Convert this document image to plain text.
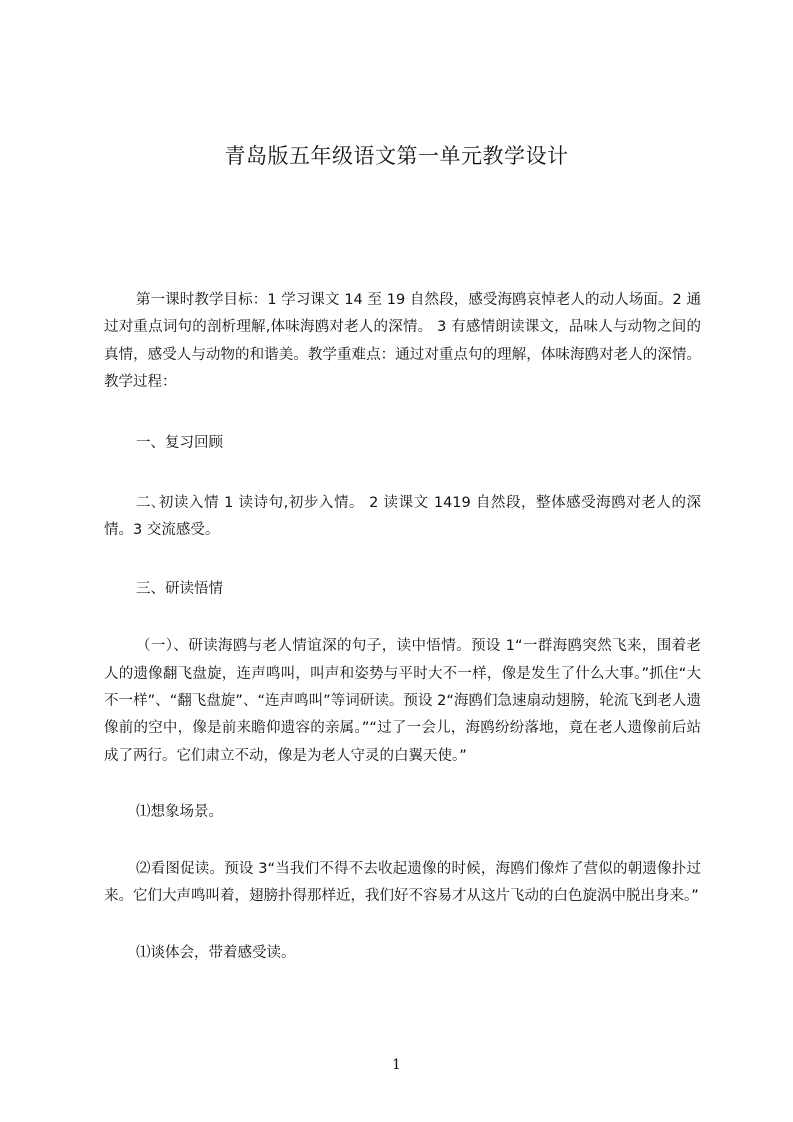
青岛版五年级语文第一单元教学设计

第一课时教学目标：1 学习课文 14 至 19 自然段，感受海鸥哀悼老人的动人场面。2 通过对重点词句的剖析理解,体味海鸥对老人的深情。 3 有感情朗读课文，品味人与动物之间的真情，感受人与动物的和谐美。教学重难点：通过对重点句的理解，体味海鸥对老人的深情。教学过程：

一、复习回顾

二､初读入情 1 读诗句,初步入情。 2 读课文 1419 自然段，整体感受海鸥对老人的深情。3 交流感受。

三、研读悟情

（一）、研读海鸥与老人情谊深的句子，读中悟情。预设 1“一群海鸥突然飞来，围着老人的遗像翻飞盘旋，连声鸣叫，叫声和姿势与平时大不一样，像是发生了什么大事。”抓住“大不一样”、“翻飞盘旋”、“连声鸣叫”等词研读。预设 2“海鸥们急速扇动翅膀，轮流飞到老人遗像前的空中，像是前来瞻仰遗容的亲属。”“过了一会儿，海鸥纷纷落地，竟在老人遗像前后站成了两行。它们肃立不动，像是为老人守灵的白翼天使。”

⑴想象场景。

⑵看图促读。预设 3“当我们不得不去收起遗像的时候，海鸥们像炸了营似的朝遗像扑过来。它们大声鸣叫着，翅膀扑得那样近，我们好不容易才从这片飞动的白色旋涡中脱出身来。”

⑴谈体会，带着感受读。

1
